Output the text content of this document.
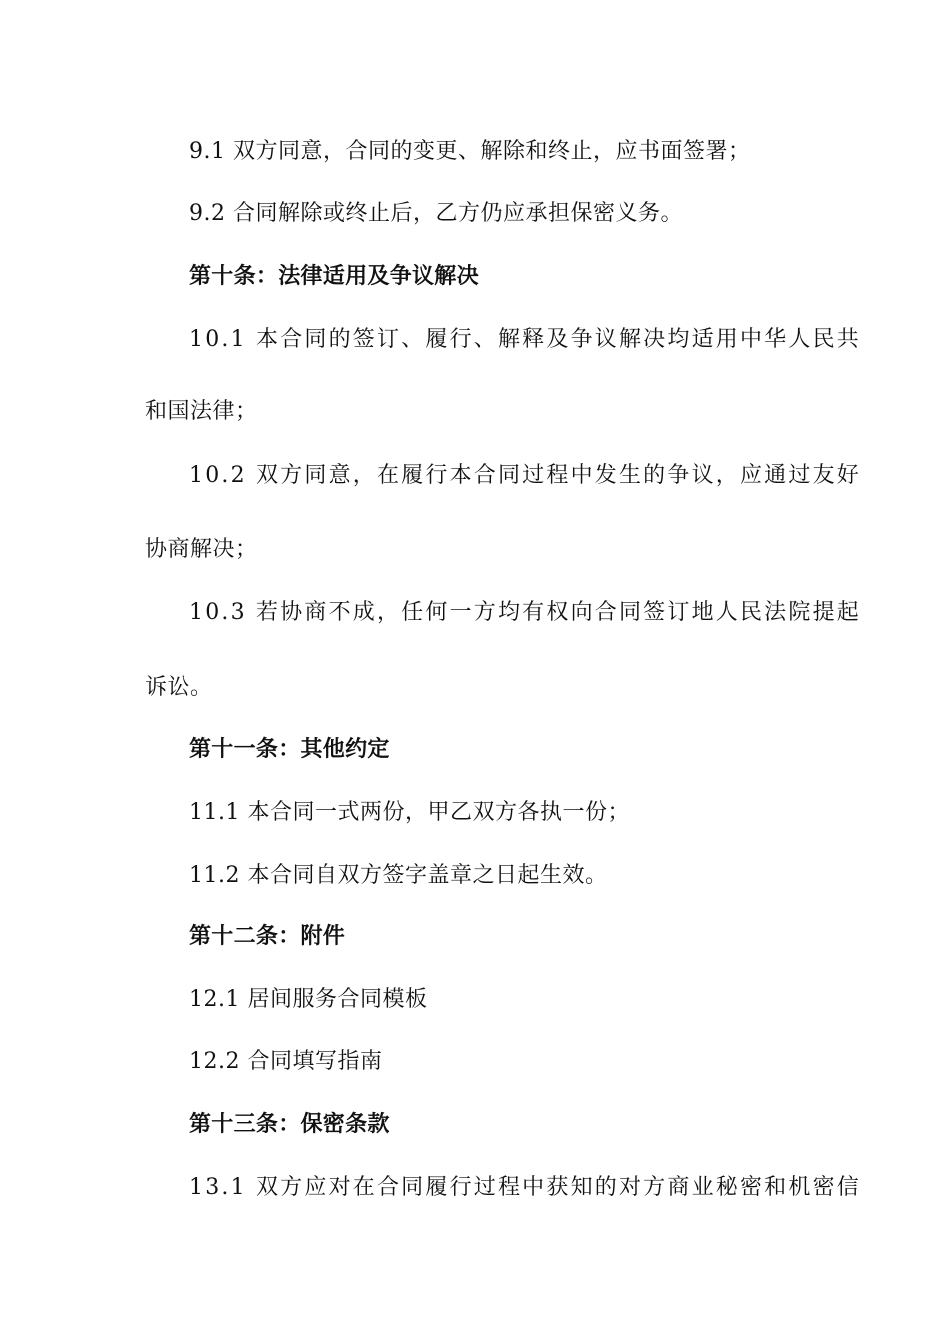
9.1 双方同意，合同的变更、解除和终止，应书面签署；
9.2 合同解除或终止后，乙方仍应承担保密义务。
第十条：法律适用及争议解决
10.1 本合同的签订、履行、解释及争议解决均适用中华人民共
和国法律；
10.2 双方同意，在履行本合同过程中发生的争议，应通过友好
协商解决；
10.3 若协商不成，任何一方均有权向合同签订地人民法院提起
诉讼。
第十一条：其他约定
11.1 本合同一式两份，甲乙双方各执一份；
11.2 本合同自双方签字盖章之日起生效。
第十二条：附件
12.1 居间服务合同模板
12.2 合同填写指南
第十三条：保密条款
13.1 双方应对在合同履行过程中获知的对方商业秘密和机密信
